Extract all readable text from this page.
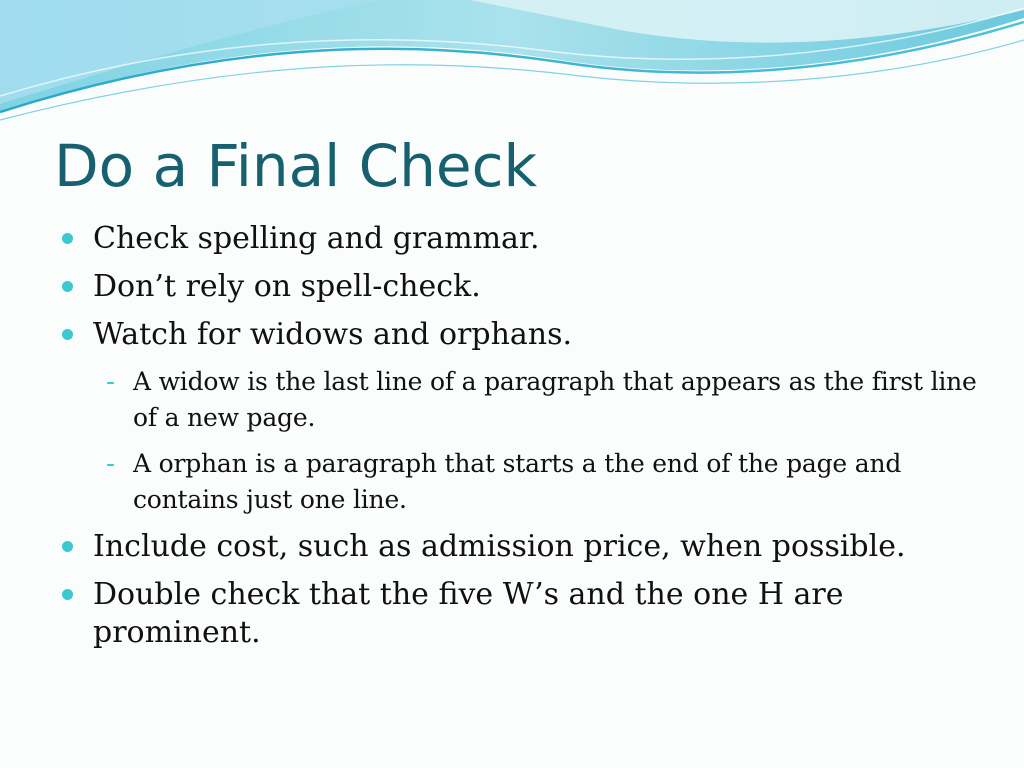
Do a Final Check
Check spelling and grammar.
Don’t rely on spell-check.
Watch for widows and orphans.
- A widow is the last line of a paragraph that appears as the first line of a new page.
- A orphan is a paragraph that starts a the end of the page and contains just one line.
Include cost, such as admission price, when possible.
Double check that the five W’s and the one H are prominent.
